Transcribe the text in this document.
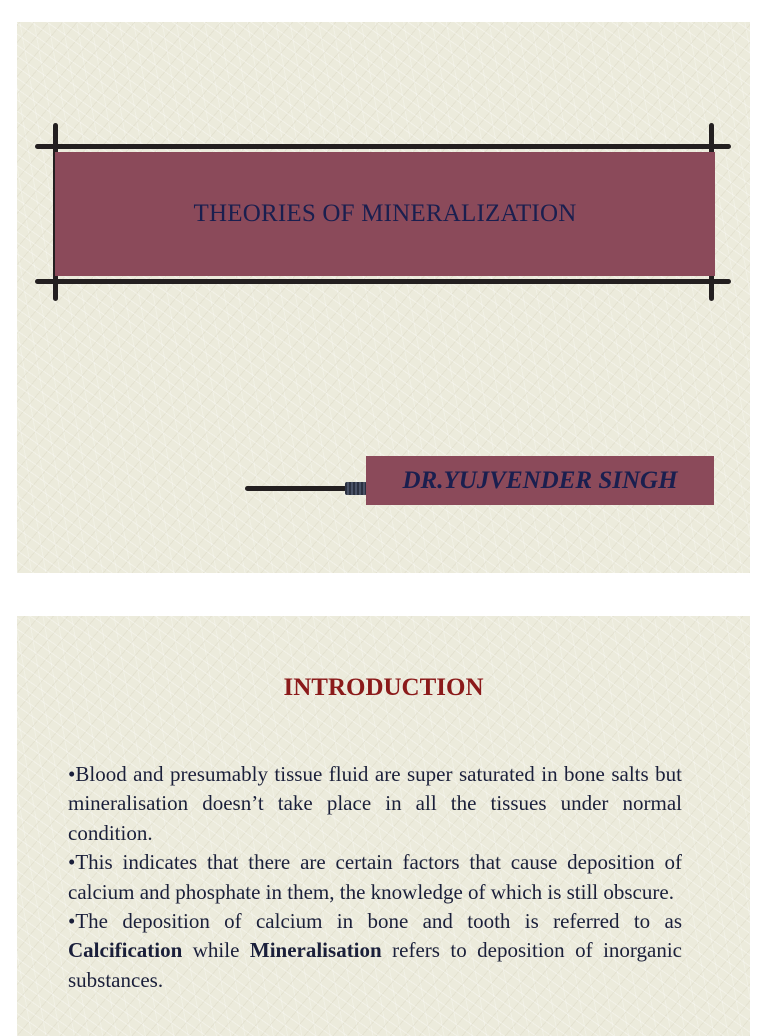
THEORIES OF MINERALIZATION
DR.YUJVENDER SINGH
INTRODUCTION

•Blood and presumably tissue fluid are super saturated in bone salts but mineralisation doesn’t take place in all the tissues under normal condition.

•This indicates that there are certain factors that cause deposition of calcium and phosphate in them, the knowledge of which is still obscure.

•The deposition of calcium in bone and tooth is referred to as Calcification while Mineralisation refers to deposition of inorganic substances.
